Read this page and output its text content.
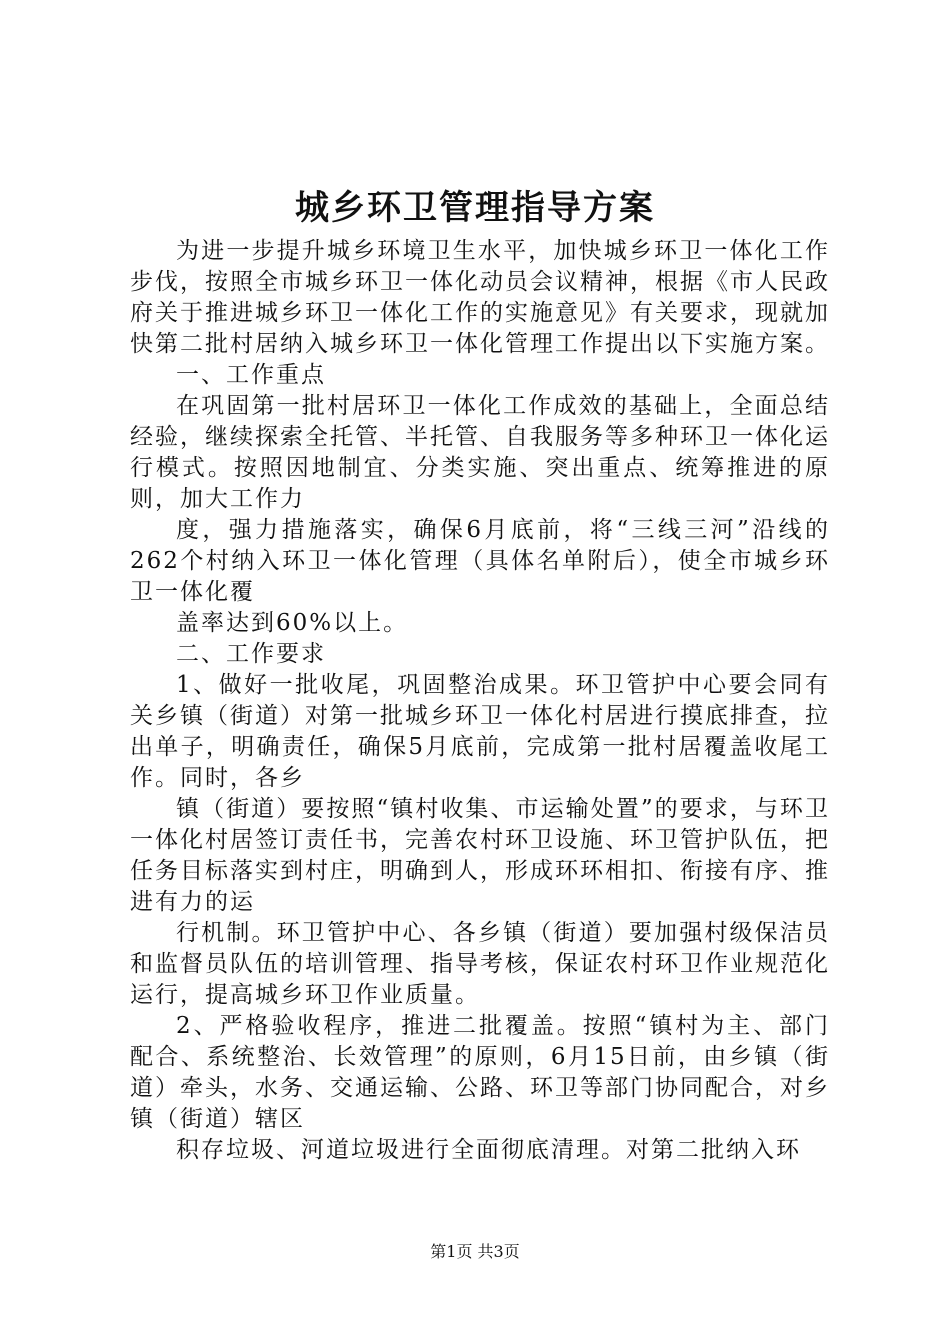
城乡环卫管理指导方案

为进一步提升城乡环境卫生水平，加快城乡环卫一体化工作步伐，按照全市城乡环卫一体化动员会议精神，根据《市人民政府关于推进城乡环卫一体化工作的实施意见》有关要求，现就加快第二批村居纳入城乡环卫一体化管理工作提出以下实施方案。

一、工作重点

在巩固第一批村居环卫一体化工作成效的基础上，全面总结经验，继续探索全托管、半托管、自我服务等多种环卫一体化运行模式。按照因地制宜、分类实施、突出重点、统筹推进的原则，加大工作力

度，强力措施落实，确保6月底前，将“三线三河”沿线的262个村纳入环卫一体化管理（具体名单附后），使全市城乡环卫一体化覆

盖率达到60%以上。

二、工作要求

1、做好一批收尾，巩固整治成果。环卫管护中心要会同有关乡镇（街道）对第一批城乡环卫一体化村居进行摸底排查，拉出单子，明确责任，确保5月底前，完成第一批村居覆盖收尾工作。同时，各乡

镇（街道）要按照“镇村收集、市运输处置”的要求，与环卫一体化村居签订责任书，完善农村环卫设施、环卫管护队伍，把任务目标落实到村庄，明确到人，形成环环相扣、衔接有序、推进有力的运

行机制。环卫管护中心、各乡镇（街道）要加强村级保洁员和监督员队伍的培训管理、指导考核，保证农村环卫作业规范化运行，提高城乡环卫作业质量。

2、严格验收程序，推进二批覆盖。按照“镇村为主、部门配合、系统整治、长效管理”的原则，6月15日前，由乡镇（街道）牵头，水务、交通运输、公路、环卫等部门协同配合，对乡镇（街道）辖区

积存垃圾、河道垃圾进行全面彻底清理。对第二批纳入环

第1页 共3页
